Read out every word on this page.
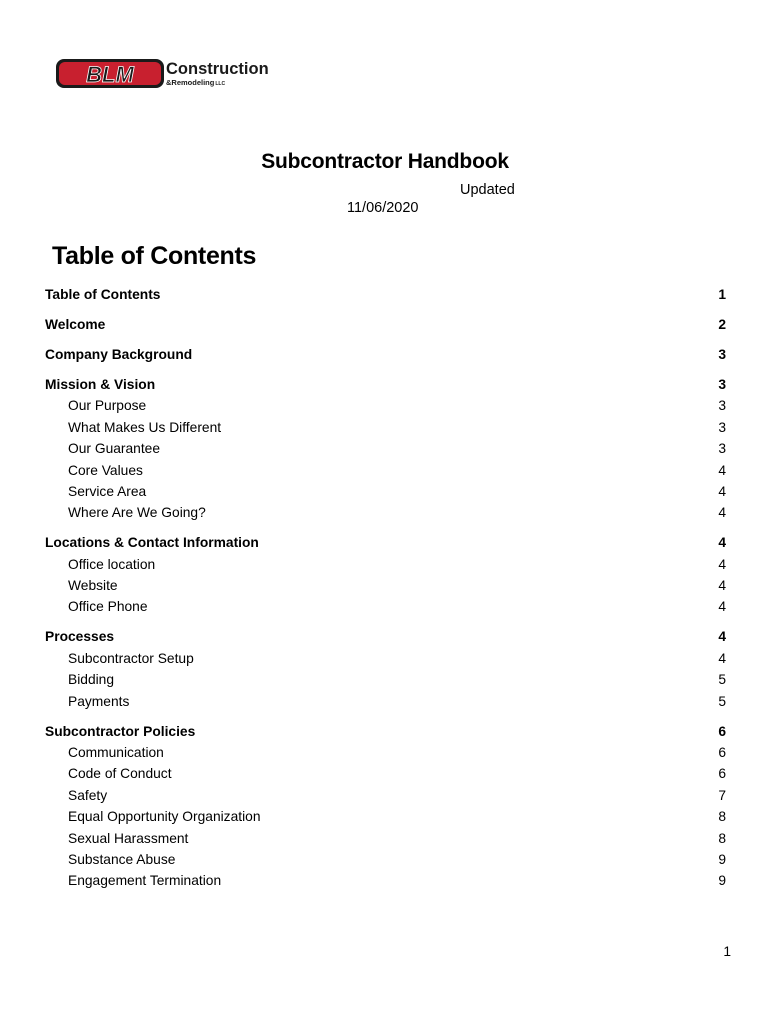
BLM Construction
&RemodelingLLC
Subcontractor Handbook
Updated
11/06/2020
Table of Contents
Table of Contents	1
Welcome	2
Company Background	3
Mission & Vision	3
Our Purpose	3
What Makes Us Different	3
Our Guarantee	3
Core Values	4
Service Area	4
Where Are We Going?	4
Locations & Contact Information	4
Office location	4
Website	4
Office Phone	4
Processes	4
Subcontractor Setup	4
Bidding	5
Payments	5
Subcontractor Policies	6
Communication	6
Code of Conduct	6
Safety	7
Equal Opportunity Organization	8
Sexual Harassment	8
Substance Abuse	9
Engagement Termination	9
1
